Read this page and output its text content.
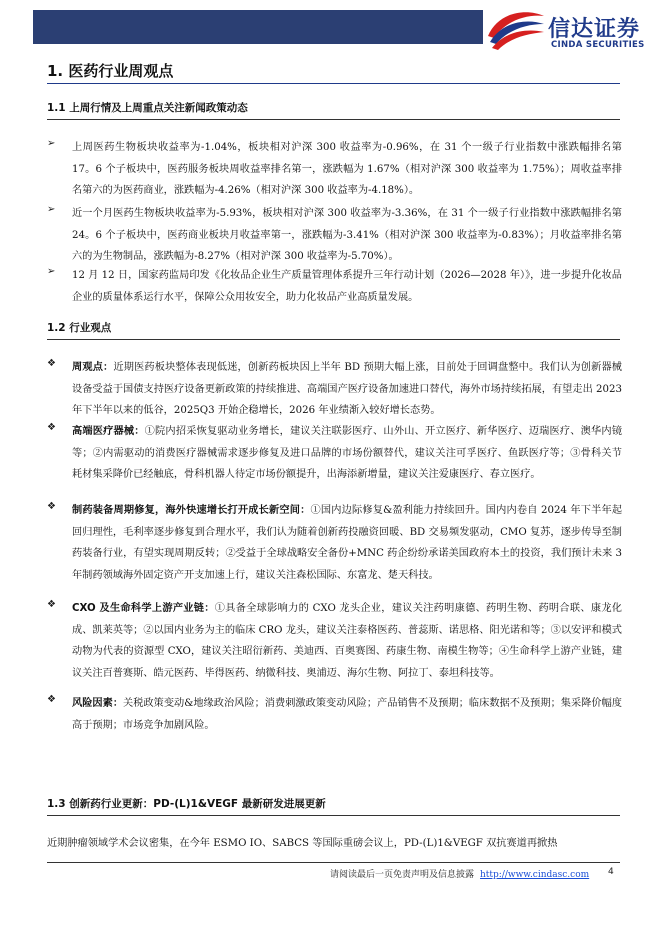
信达证券
CINDA SECURITIES
1. 医药行业周观点
1.1 上周行情及上周重点关注新闻政策动态
➢ 上周医药生物板块收益率为-1.04%，板块相对沪深 300 收益率为-0.96%，在 31 个一级子行业指数中涨跌幅排名第 17。6 个子板块中，医药服务板块周收益率排名第一，涨跌幅为 1.67%（相对沪深 300 收益率为 1.75%）；周收益率排名第六的为医药商业，涨跌幅为-4.26%（相对沪深 300 收益率为-4.18%）。
➢ 近一个月医药生物板块收益率为-5.93%，板块相对沪深 300 收益率为-3.36%，在 31 个一级子行业指数中涨跌幅排名第 24。6 个子板块中，医药商业板块月收益率第一，涨跌幅为-3.41%（相对沪深 300 收益率为-0.83%）；月收益率排名第六的为生物制品，涨跌幅为-8.27%（相对沪深 300 收益率为-5.70%）。
➢ 12 月 12 日，国家药监局印发《化妆品企业生产质量管理体系提升三年行动计划（2026—2028 年）》，进一步提升化妆品企业的质量体系运行水平，保障公众用妆安全，助力化妆品产业高质量发展。
1.2 行业观点
❖ 周观点：近期医药板块整体表现低迷，创新药板块因上半年 BD 预期大幅上涨，目前处于回调盘整中。我们认为创新器械设备受益于国债支持医疗设备更新政策的持续推进、高端国产医疗设备加速进口替代，海外市场持续拓展，有望走出 2023 年下半年以来的低谷，2025Q3 开始企稳增长，2026 年业绩渐入较好增长态势。
❖ 高端医疗器械：①院内招采恢复驱动业务增长，建议关注联影医疗、山外山、开立医疗、新华医疗、迈瑞医疗、澳华内镜等；②内需驱动的消费医疗器械需求逐步修复及进口品牌的市场份额替代，建议关注可孚医疗、鱼跃医疗等；③骨科关节耗材集采降价已经触底，骨科机器人待定市场份额提升，出海添新增量，建议关注爱康医疗、春立医疗。
❖ 制药装备周期修复，海外快速增长打开成长新空间：①国内边际修复&盈利能力持续回升。国内内卷自 2024 年下半年起回归理性，毛利率逐步修复到合理水平，我们认为随着创新药投融资回暖、BD 交易频发驱动，CMO 复苏，逐步传导至制药装备行业，有望实现周期反转；②受益于全球战略安全备份+MNC 药企纷纷承诺美国政府本土的投资，我们预计未来 3 年制药领域海外固定资产开支加速上行，建议关注森松国际、东富龙、楚天科技。
❖ CXO 及生命科学上游产业链：①具备全球影响力的 CXO 龙头企业，建议关注药明康德、药明生物、药明合联、康龙化成、凯莱英等；②以国内业务为主的临床 CRO 龙头，建议关注泰格医药、普蕊斯、诺思格、阳光诺和等；③以安评和模式动物为代表的资源型 CXO，建议关注昭衍新药、美迪西、百奥赛图、药康生物、南模生物等；④生命科学上游产业链，建议关注百普赛斯、皓元医药、毕得医药、纳微科技、奥浦迈、海尔生物、阿拉丁、泰坦科技等。
❖ 风险因素：关税政策变动&地缘政治风险；消费刺激政策变动风险；产品销售不及预期；临床数据不及预期；集采降价幅度高于预期；市场竞争加剧风险。
1.3 创新药行业更新：PD-(L)1&VEGF 最新研发进展更新
近期肿瘤领域学术会议密集，在今年 ESMO IO、SABCS 等国际重磅会议上，PD-(L)1&VEGF 双抗赛道再掀热
请阅读最后一页免责声明及信息披露 http://www.cindasc.com 4
